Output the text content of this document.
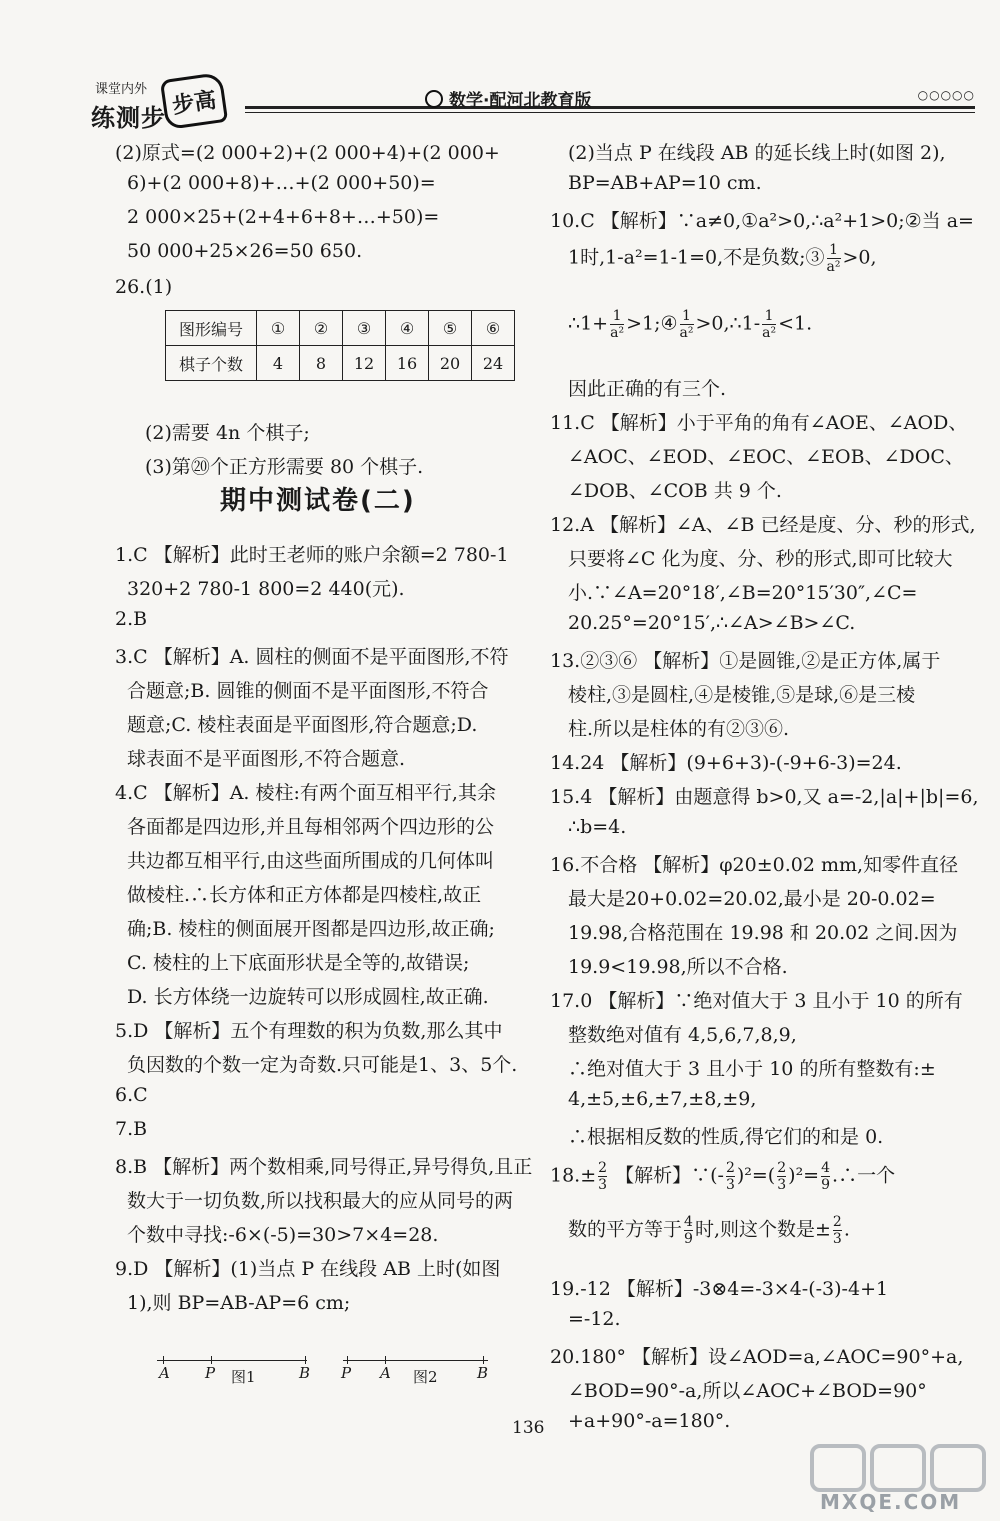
课堂内外
练测步 步高	数学·配河北教育版	○○○○○
(2)原式=(2 000+2)+(2 000+4)+(2 000+
6)+(2 000+8)+…+(2 000+50)=
2 000×25+(2+4+6+8+…+50)=
50 000+25×26=50 650.
26.(1)
图形编号	①	②	③	④	⑤	⑥
棋子个数	4	8	12	16	20	24
(2)需要 4n 个棋子;
(3)第⑳个正方形需要 80 个棋子.
期中测试卷(二)
1.C 【解析】此时王老师的账户余额=2 780-1
320+2 780-1 800=2 440(元).
2.B
3.C 【解析】A. 圆柱的侧面不是平面图形,不符
合题意;B. 圆锥的侧面不是平面图形,不符合
题意;C. 棱柱表面是平面图形,符合题意;D.
球表面不是平面图形,不符合题意.
4.C 【解析】A. 棱柱:有两个面互相平行,其余
各面都是四边形,并且每相邻两个四边形的公
共边都互相平行,由这些面所围成的几何体叫
做棱柱.∴长方体和正方体都是四棱柱,故正
确;B. 棱柱的侧面展开图都是四边形,故正确;
C. 棱柱的上下底面形状是全等的,故错误;
D. 长方体绕一边旋转可以形成圆柱,故正确.
5.D 【解析】五个有理数的积为负数,那么其中
负因数的个数一定为奇数.只可能是1、3、5个.
6.C
7.B
8.B 【解析】两个数相乘,同号得正,异号得负,且正
数大于一切负数,所以找积最大的应从同号的两
个数中寻找:-6×(-5)=30>7×4=28.
9.D 【解析】(1)当点 P 在线段 AB 上时(如图
1),则 BP=AB-AP=6 cm;
A P 图1	B P A 图2	B
(2)当点 P 在线段 AB 的延长线上时(如图 2),
BP=AB+AP=10 cm.
10.C 【解析】∵a≠0,①a²>0,∴a²+1>0;②当 a=
1时,1-a²=1-1=0,不是负数;③ $\frac{1}{\text{a²}} >0$,
∴1+ $\frac{1}{\text{a²}}$ >1;④ $\frac{1}{\text{a²}}$ >0,∴1- $\frac{1}{\text{a²}} <1$.
因此正确的有三个.
11.C 【解析】小于平角的角有∠AOE、∠AOD、
∠AOC、∠EOD、∠EOC、∠EOB、∠DOC、
∠DOB、∠COB 共 9 个.
12.A 【解析】∠A、∠B 已经是度、分、秒的形式,
只要将∠C 化为度、分、秒的形式,即可比较大
小.∵∠A=20°18′,∠B=20°15′30″,∠C=
20.25°=20°15′,∴∠A>∠B>∠C.
13.②③⑥ 【解析】①是圆锥,②是正方体,属于
棱柱,③是圆柱,④是棱锥,⑤是球,⑥是三棱
柱.所以是柱体的有②③⑥.
14.24 【解析】(9+6+3)-(-9+6-3)=24.
15.4 【解析】由题意得 b>0,又 a=-2,|a|+|b|=6,
∴b=4.
16.不合格 【解析】φ20±0.02 mm,知零件直径
最大是20+0.02=20.02,最小是 20-0.02=
19.98,合格范围在 19.98 和 20.02 之间.因为
19.9<19.98,所以不合格.
17.0 【解析】∵绝对值大于 3 且小于 10 的所有
整数绝对值有 4,5,6,7,8,9,
∴绝对值大于 3 且小于 10 的所有整数有:±
4,±5,±6,±7,±8,±9,
∴根据相反数的性质,得它们的和是 0.
$18.\pm \frac{2}{3}$ 【解析】∵(- $\frac{2}{3} )^2=( \frac{2}{3} )^2= \frac{4}{9}$ .∴一个
数的平方等于 $\frac{4}{9}$ 时,则这个数是± $\frac{2}{3}$ .
19.-12 【解析】-3⊗4=-3×4-(-3)-4+1
=-12.
20.180° 【解析】设∠AOD=a,∠AOC=90°+a,
∠BOD=90°-a,所以∠AOC+∠BOD=90°
+a+90°-a=180°.
136
MXQE.COM
